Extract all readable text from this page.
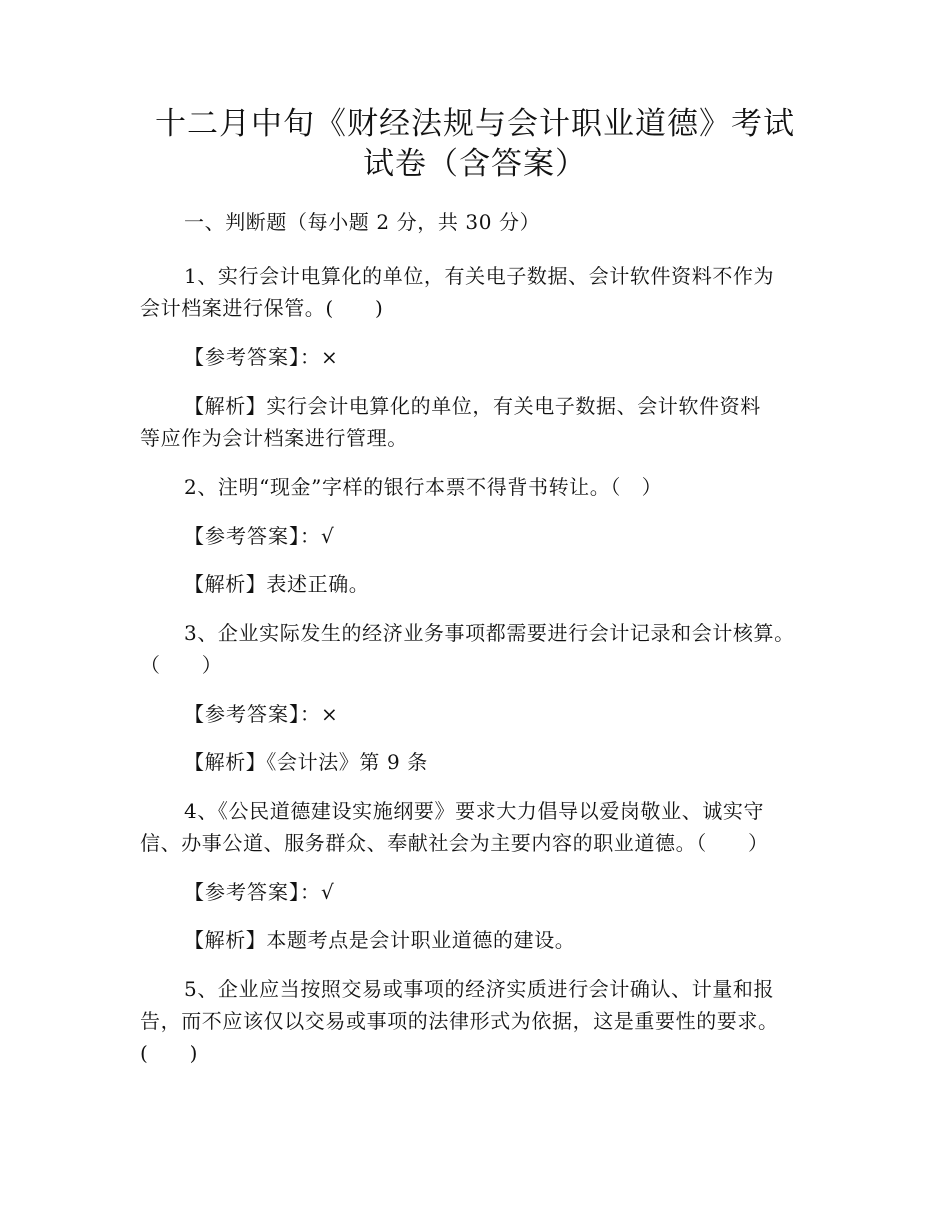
十二月中旬《财经法规与会计职业道德》考试
试卷（含答案）

一、判断题（每小题 2 分，共 30 分）

1、实行会计电算化的单位，有关电子数据、会计软件资料不作为

会计档案进行保管。(　　)

【参考答案】：×

【解析】实行会计电算化的单位，有关电子数据、会计软件资料

等应作为会计档案进行管理。

2、注明“现金”字样的银行本票不得背书转让。（　）

【参考答案】：√

【解析】表述正确。

3、企业实际发生的经济业务事项都需要进行会计记录和会计核算。

（　　）

【参考答案】：×

【解析】《会计法》第 9 条

4、《公民道德建设实施纲要》要求大力倡导以爱岗敬业、诚实守

信、办事公道、服务群众、奉献社会为主要内容的职业道德。（　　）

【参考答案】：√

【解析】本题考点是会计职业道德的建设。

5、企业应当按照交易或事项的经济实质进行会计确认、计量和报

告，而不应该仅以交易或事项的法律形式为依据，这是重要性的要求。

(　　)
